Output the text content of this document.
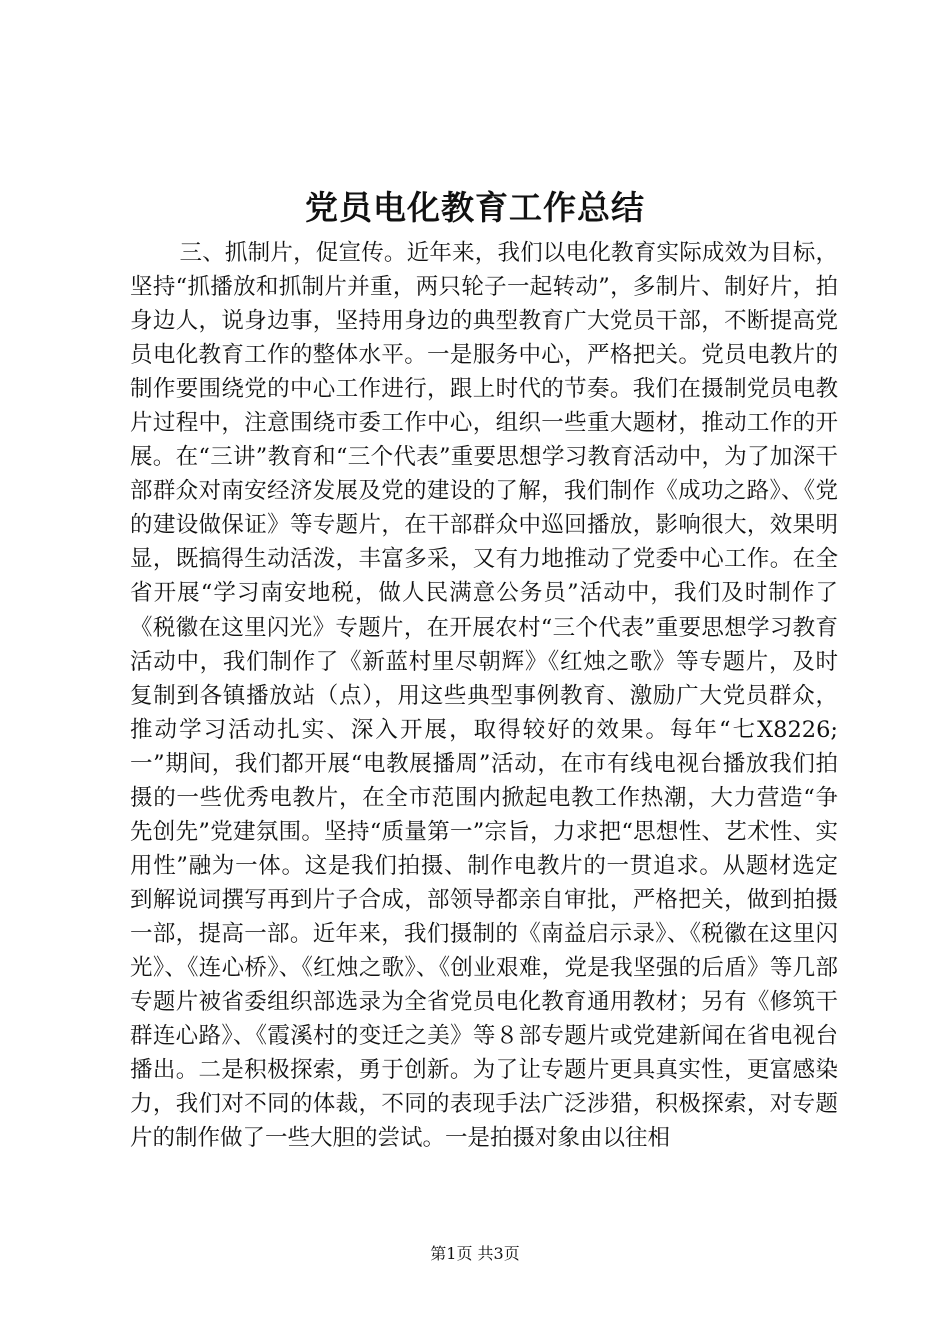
党员电化教育工作总结

三、抓制片，促宣传。近年来，我们以电化教育实际成效为目标，坚持“抓播放和抓制片并重，两只轮子一起转动”，多制片、制好片，拍身边人，说身边事，坚持用身边的典型教育广大党员干部，不断提高党员电化教育工作的整体水平。一是服务中心，严格把关。党员电教片的制作要围绕党的中心工作进行，跟上时代的节奏。我们在摄制党员电教片过程中，注意围绕市委工作中心，组织一些重大题材，推动工作的开展。在“三讲”教育和“三个代表”重要思想学习教育活动中，为了加深干部群众对南安经济发展及党的建设的了解，我们制作《成功之路》、《党的建设做保证》等专题片，在干部群众中巡回播放，影响很大，效果明显，既搞得生动活泼，丰富多采，又有力地推动了党委中心工作。在全省开展“学习南安地税，做人民满意公务员”活动中，我们及时制作了《税徽在这里闪光》专题片，在开展农村“三个代表”重要思想学习教育活动中，我们制作了《新蓝村里尽朝辉》《红烛之歌》等专题片，及时复制到各镇播放站（点），用这些典型事例教育、激励广大党员群众，推动学习活动扎实、深入开展，取得较好的效果。每年“七X8226;一”期间，我们都开展“电教展播周”活动，在市有线电视台播放我们拍摄的一些优秀电教片，在全市范围内掀起电教工作热潮，大力营造“争先创先”党建氛围。坚持“质量第一”宗旨，力求把“思想性、艺术性、实用性”融为一体。这是我们拍摄、制作电教片的一贯追求。从题材选定到解说词撰写再到片子合成，部领导都亲自审批，严格把关，做到拍摄一部，提高一部。近年来，我们摄制的《南益启示录》、《税徽在这里闪光》、《连心桥》、《红烛之歌》、《创业艰难，党是我坚强的后盾》等几部专题片被省委组织部选录为全省党员电化教育通用教材；另有《修筑干群连心路》、《霞溪村的变迁之美》等８部专题片或党建新闻在省电视台播出。二是积极探索，勇于创新。为了让专题片更具真实性，更富感染力，我们对不同的体裁，不同的表现手法广泛涉猎，积极探索，对专题片的制作做了一些大胆的尝试。一是拍摄对象由以往相

第1页 共3页
